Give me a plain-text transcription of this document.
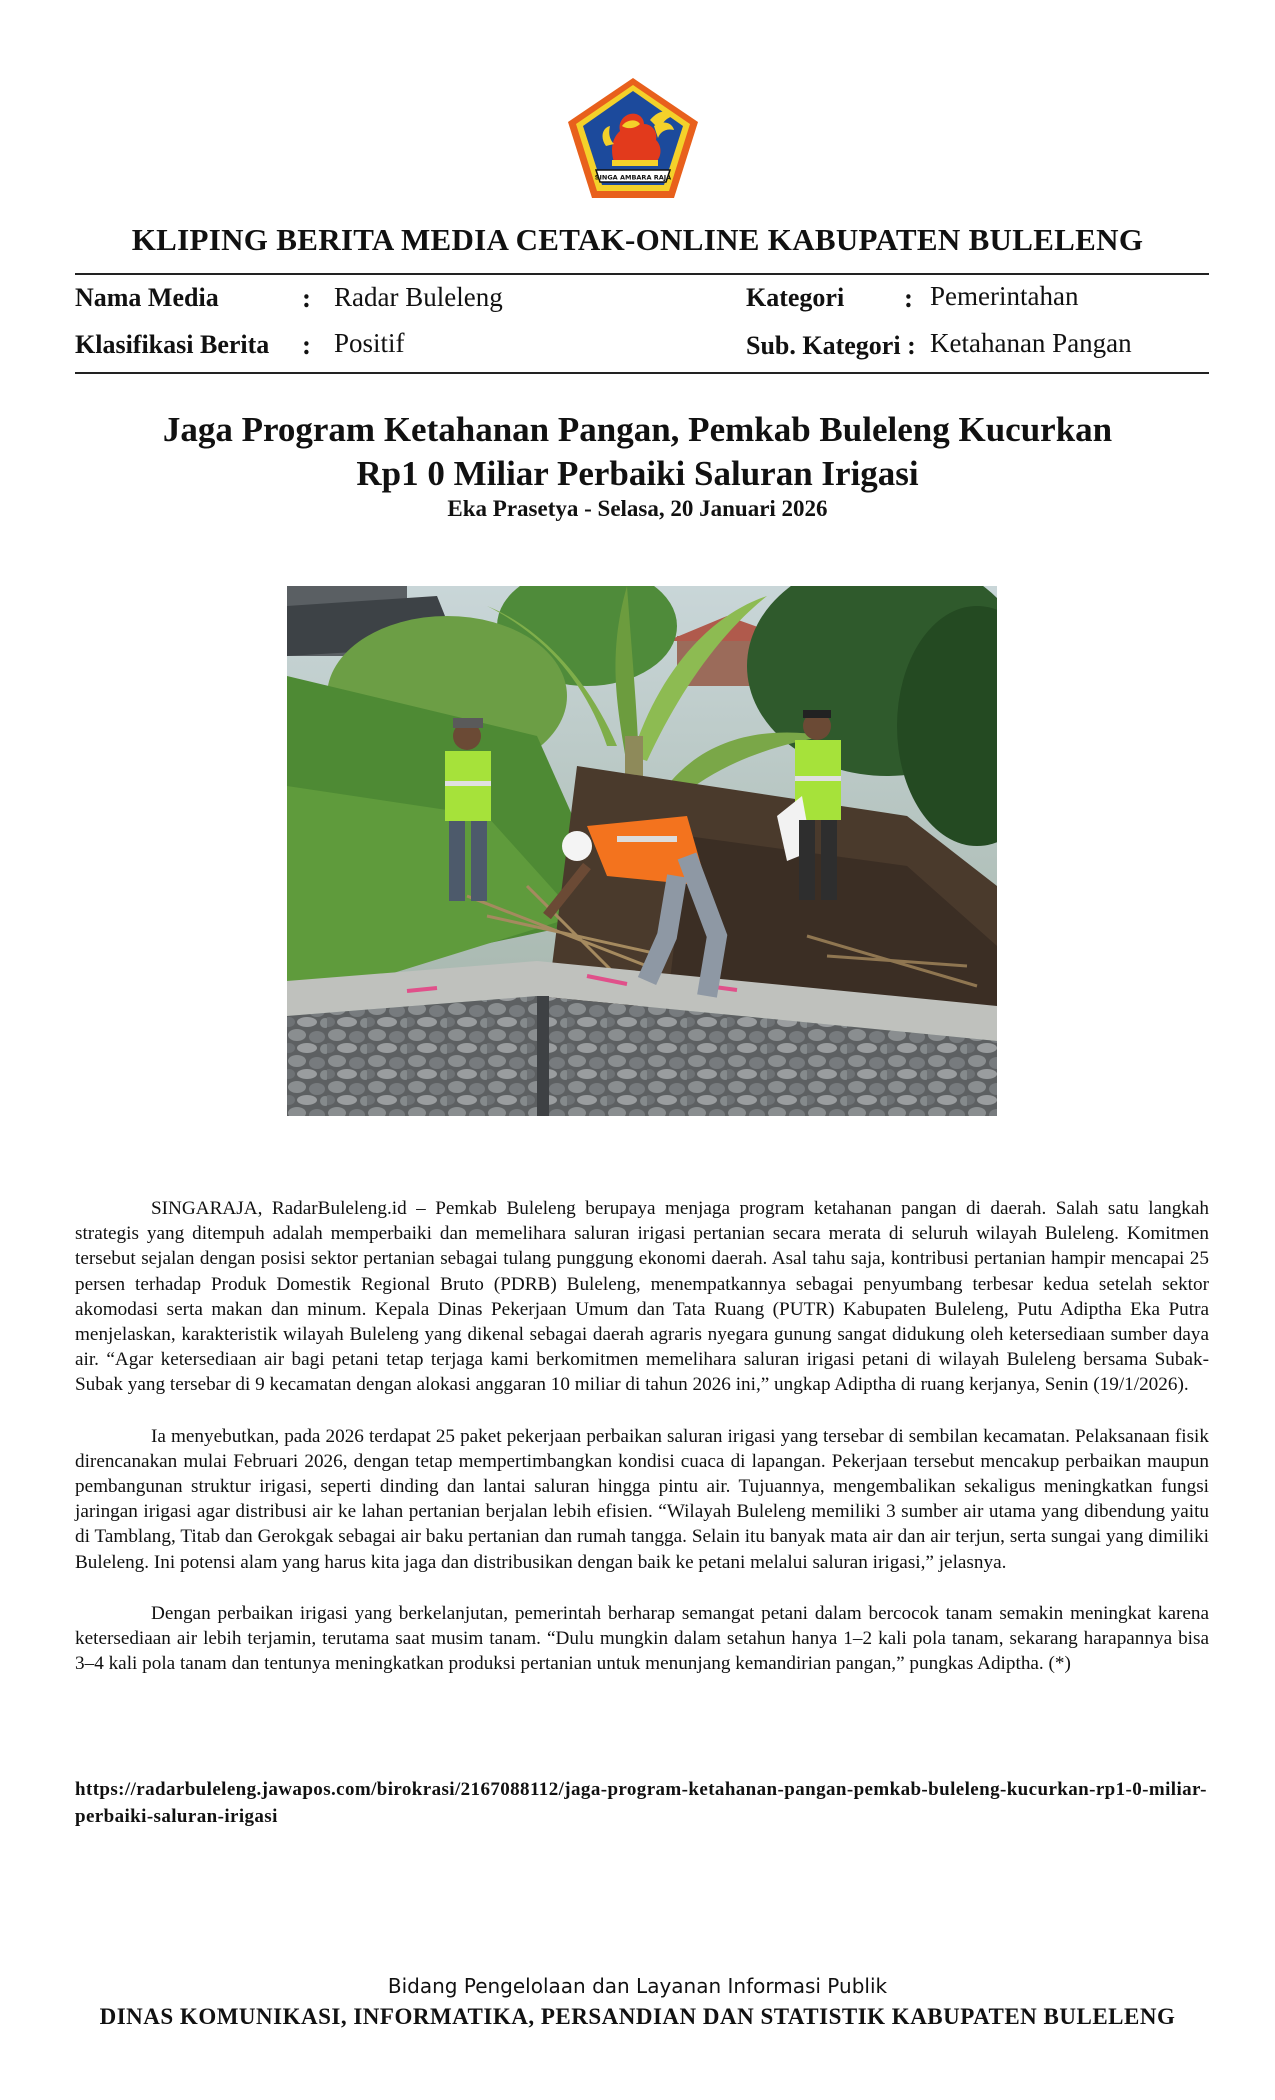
SINGA AMBARA RAJA
KLIPING BERITA MEDIA CETAK-ONLINE KABUPATEN BULELENG
Nama Media	: Radar Buleleng	Kategori : Pemerintahan
Klasifikasi Berita : Positif	Sub. Kategori : Ketahanan Pangan
Jaga Program Ketahanan Pangan, Pemkab Buleleng Kucurkan
Rp1 0 Miliar Perbaiki Saluran Irigasi
Eka Prasetya - Selasa, 20 Januari 2026

SINGARAJA, RadarBuleleng.id – Pemkab Buleleng berupaya menjaga program ketahanan pangan di daerah. Salah satu langkah strategis yang ditempuh adalah memperbaiki dan memelihara saluran irigasi pertanian secara merata di seluruh wilayah Buleleng. Komitmen tersebut sejalan dengan posisi sektor pertanian sebagai tulang punggung ekonomi daerah. Asal tahu saja, kontribusi pertanian hampir mencapai 25 persen terhadap Produk Domestik Regional Bruto (PDRB) Buleleng, menempatkannya sebagai penyumbang terbesar kedua setelah sektor akomodasi serta makan dan minum. Kepala Dinas Pekerjaan Umum dan Tata Ruang (PUTR) Kabupaten Buleleng, Putu Adiptha Eka Putra menjelaskan, karakteristik wilayah Buleleng yang dikenal sebagai daerah agraris nyegara gunung sangat didukung oleh ketersediaan sumber daya air. “Agar ketersediaan air bagi petani tetap terjaga kami berkomitmen memelihara saluran irigasi petani di wilayah Buleleng bersama Subak-Subak yang tersebar di 9 kecamatan dengan alokasi anggaran 10 miliar di tahun 2026 ini,” ungkap Adiptha di ruang kerjanya, Senin (19/1/2026).

Ia menyebutkan, pada 2026 terdapat 25 paket pekerjaan perbaikan saluran irigasi yang tersebar di sembilan kecamatan. Pelaksanaan fisik direncanakan mulai Februari 2026, dengan tetap mempertimbangkan kondisi cuaca di lapangan. Pekerjaan tersebut mencakup perbaikan maupun pembangunan struktur irigasi, seperti dinding dan lantai saluran hingga pintu air. Tujuannya, mengembalikan sekaligus meningkatkan fungsi jaringan irigasi agar distribusi air ke lahan pertanian berjalan lebih efisien. “Wilayah Buleleng memiliki 3 sumber air utama yang dibendung yaitu di Tamblang, Titab dan Gerokgak sebagai air baku pertanian dan rumah tangga. Selain itu banyak mata air dan air terjun, serta sungai yang dimiliki Buleleng. Ini potensi alam yang harus kita jaga dan distribusikan dengan baik ke petani melalui saluran irigasi,” jelasnya.

Dengan perbaikan irigasi yang berkelanjutan, pemerintah berharap semangat petani dalam bercocok tanam semakin meningkat karena ketersediaan air lebih terjamin, terutama saat musim tanam. “Dulu mungkin dalam setahun hanya 1–2 kali pola tanam, sekarang harapannya bisa 3–4 kali pola tanam dan tentunya meningkatkan produksi pertanian untuk menunjang kemandirian pangan,” pungkas Adiptha. (*)

https://radarbuleleng.jawapos.com/birokrasi/2167088112/jaga-program-ketahanan-pangan-pemkab-buleleng-kucurkan-rp1-0-miliar-perbaiki-saluran-irigasi
Bidang Pengelolaan dan Layanan Informasi Publik
DINAS KOMUNIKASI, INFORMATIKA, PERSANDIAN DAN STATISTIK KABUPATEN BULELENG
